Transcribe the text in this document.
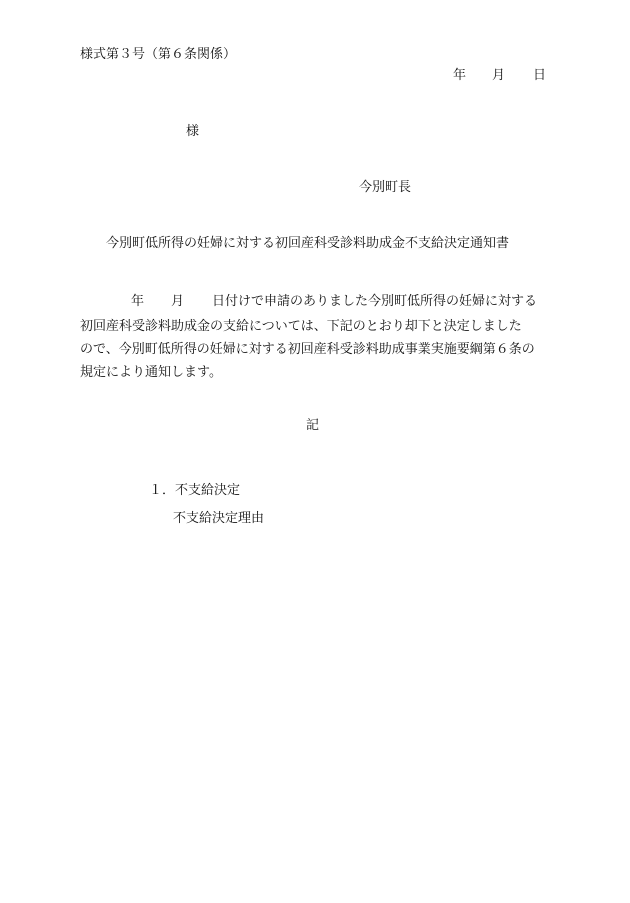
様式第３号（第６条関係）
年 月 日
様
今別町長
今別町低所得の妊婦に対する初回産科受診料助成金不支給決定通知書
年 月 日付けで申請のありました今別町低所得の妊婦に対する
初回産科受診料助成金の支給については、下記のとおり却下と決定しました
ので、今別町低所得の妊婦に対する初回産科受診料助成事業実施要綱第６条の
規定により通知します。
記
１．不支給決定
不支給決定理由
